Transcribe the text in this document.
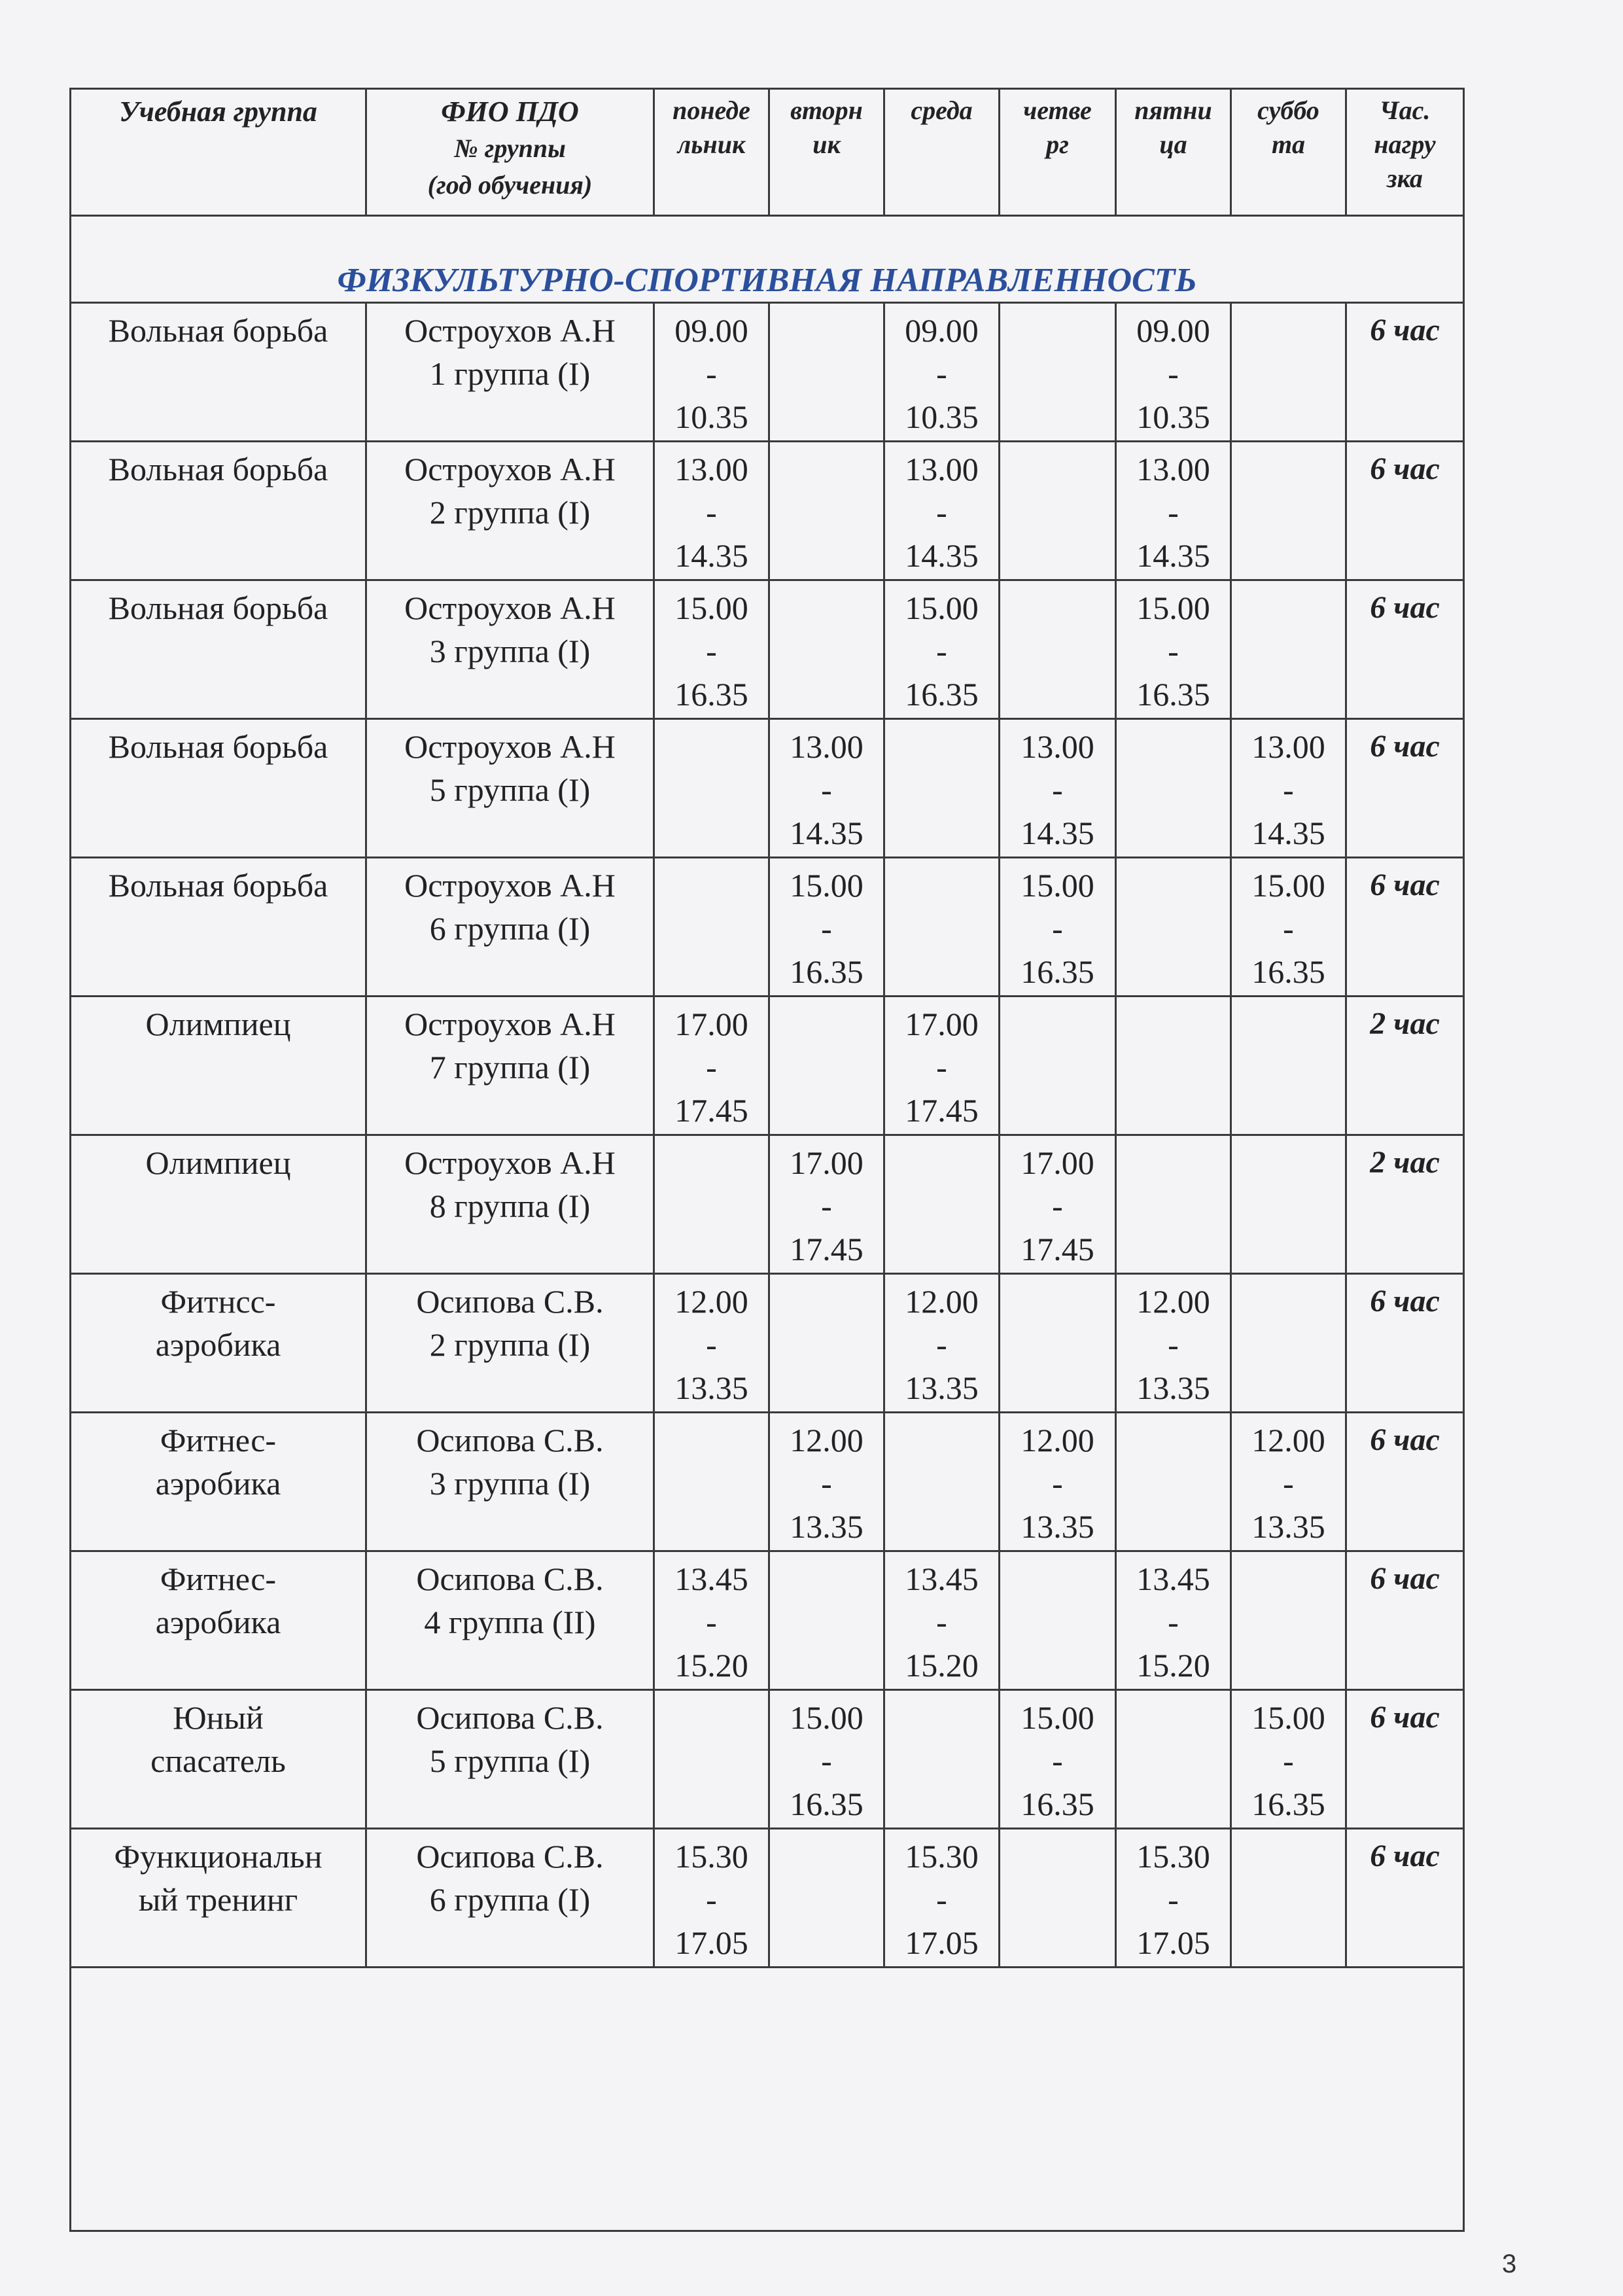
Учебная группа	ФИО ПДО
№ группы
(год обучения)	понеде
льник	вторн
ик	среда	четве
рг	пятни
ца	суббо
та	Час.
нагру
зка

ФИЗКУЛЬТУРНО-СПОРТИВНАЯ НАПРАВЛЕННОСТЬ								

Вольная борьба	Остроухов А.Н
1 группа (I)	09.00
-
10.35		09.00
-
10.35		09.00
-
10.35		6 час

Вольная борьба	Остроухов А.Н
2 группа (I)	13.00
-
14.35		13.00
-
14.35		13.00
-
14.35		6 час

Вольная борьба	Остроухов А.Н
3 группа (I)	15.00
-
16.35		15.00
-
16.35		15.00
-
16.35		6 час

Вольная борьба	Остроухов А.Н
5 группа (I)		13.00
-
14.35		13.00
-
14.35		13.00
-
14.35	6 час

Вольная борьба	Остроухов А.Н
6 группа (I)		15.00
-
16.35		15.00
-
16.35		15.00
-
16.35	6 час

Олимпиец	Остроухов А.Н
7 группа (I)	17.00
-
17.45		17.00
-
17.45				2 час

Олимпиец	Остроухов А.Н
8 группа (I)		17.00
-
17.45		17.00
-
17.45			2 час

Фитнсс-
аэробика	Осипова С.В.
2 группа (I)	12.00
-
13.35		12.00
-
13.35		12.00
-
13.35		6 час

Фитнес-
аэробика	Осипова С.В.
3 группа (I)		12.00
-
13.35		12.00
-
13.35		12.00
-
13.35	6 час

Фитнес-
аэробика	Осипова С.В.
4 группа (II)	13.45
-
15.20		13.45
-
15.20		13.45
-
15.20		6 час

Юный
спасатель	Осипова С.В.
5 группа (I)		15.00
-
16.35		15.00
-
16.35		15.00
-
16.35	6 час

Функциональн
ый тренинг	Осипова С.В.
6 группа (I)	15.30
-
17.05		15.30
-
17.05		15.30
-
17.05		6 час

3
